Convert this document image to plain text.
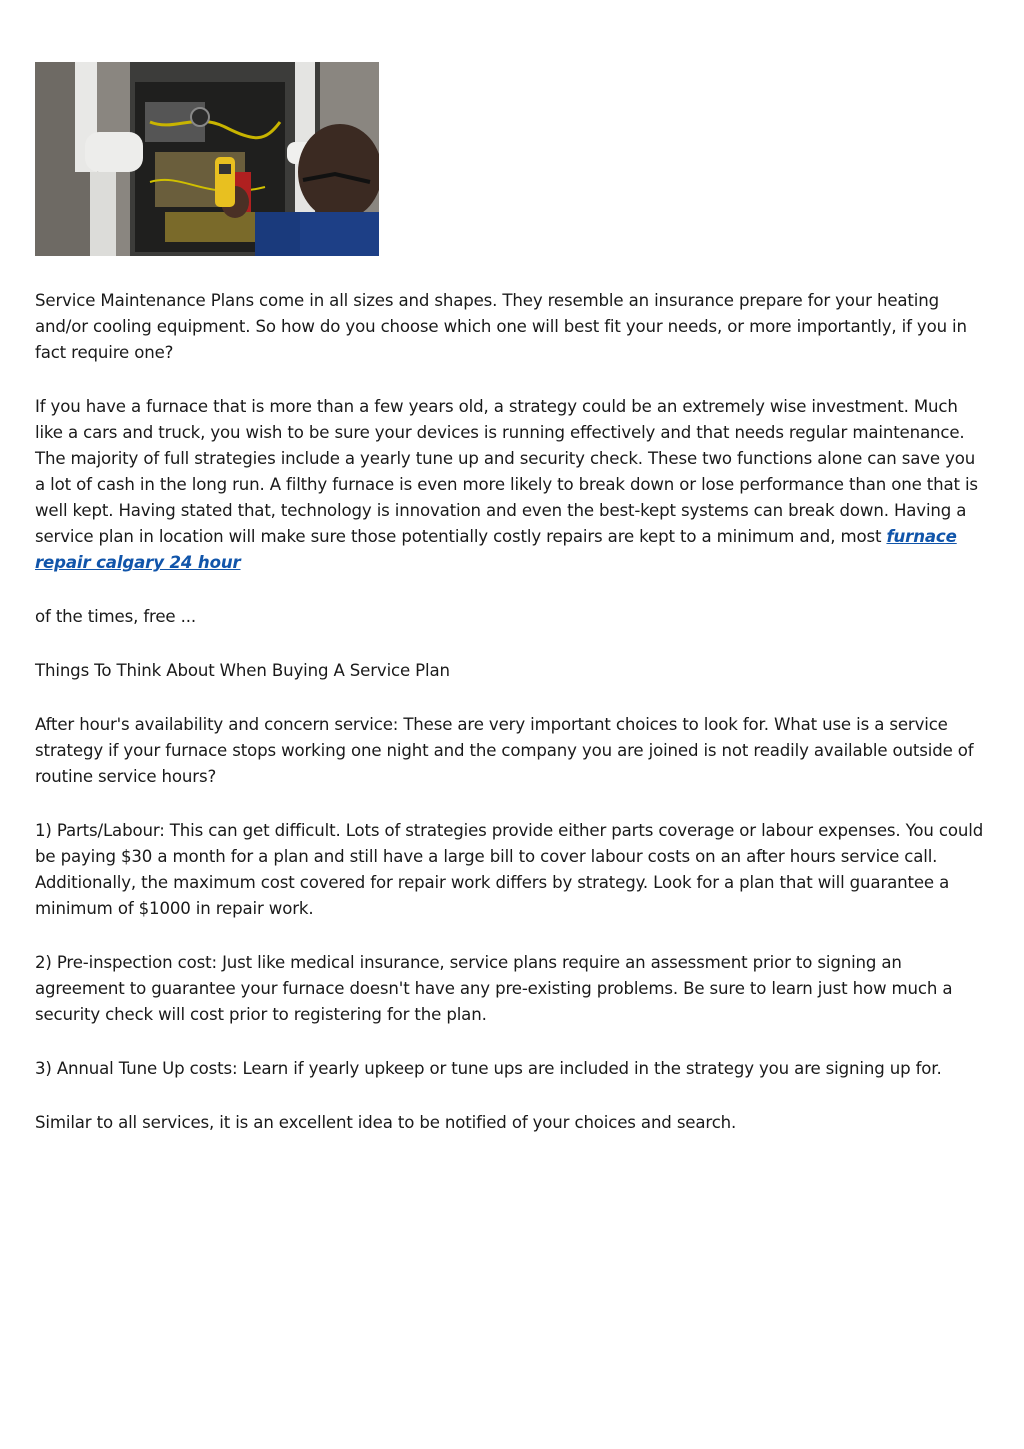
Service Maintenance Plans come in all sizes and shapes. They resemble an insurance prepare for your heating and/or cooling equipment. So how do you choose which one will best fit your needs, or more importantly, if you in fact require one?

If you have a furnace that is more than a few years old, a strategy could be an extremely wise investment. Much like a cars and truck, you wish to be sure your devices is running effectively and that needs regular maintenance. The majority of full strategies include a yearly tune up and security check. These two functions alone can save you a lot of cash in the long run. A filthy furnace is even more likely to break down or lose performance than one that is well kept. Having stated that, technology is innovation and even the best-kept systems can break down. Having a service plan in location will make sure those potentially costly repairs are kept to a minimum and, most furnace repair calgary 24 hour

of the times, free ...

Things To Think About When Buying A Service Plan

After hour's availability and concern service: These are very important choices to look for. What use is a service strategy if your furnace stops working one night and the company you are joined is not readily available outside of routine service hours?

1) Parts/Labour: This can get difficult. Lots of strategies provide either parts coverage or labour expenses. You could be paying $30 a month for a plan and still have a large bill to cover labour costs on an after hours service call. Additionally, the maximum cost covered for repair work differs by strategy. Look for a plan that will guarantee a minimum of $1000 in repair work.

2) Pre-inspection cost: Just like medical insurance, service plans require an assessment prior to signing an agreement to guarantee your furnace doesn't have any pre-existing problems. Be sure to learn just how much a security check will cost prior to registering for the plan.

3) Annual Tune Up costs: Learn if yearly upkeep or tune ups are included in the strategy you are signing up for.

Similar to all services, it is an excellent idea to be notified of your choices and search.
